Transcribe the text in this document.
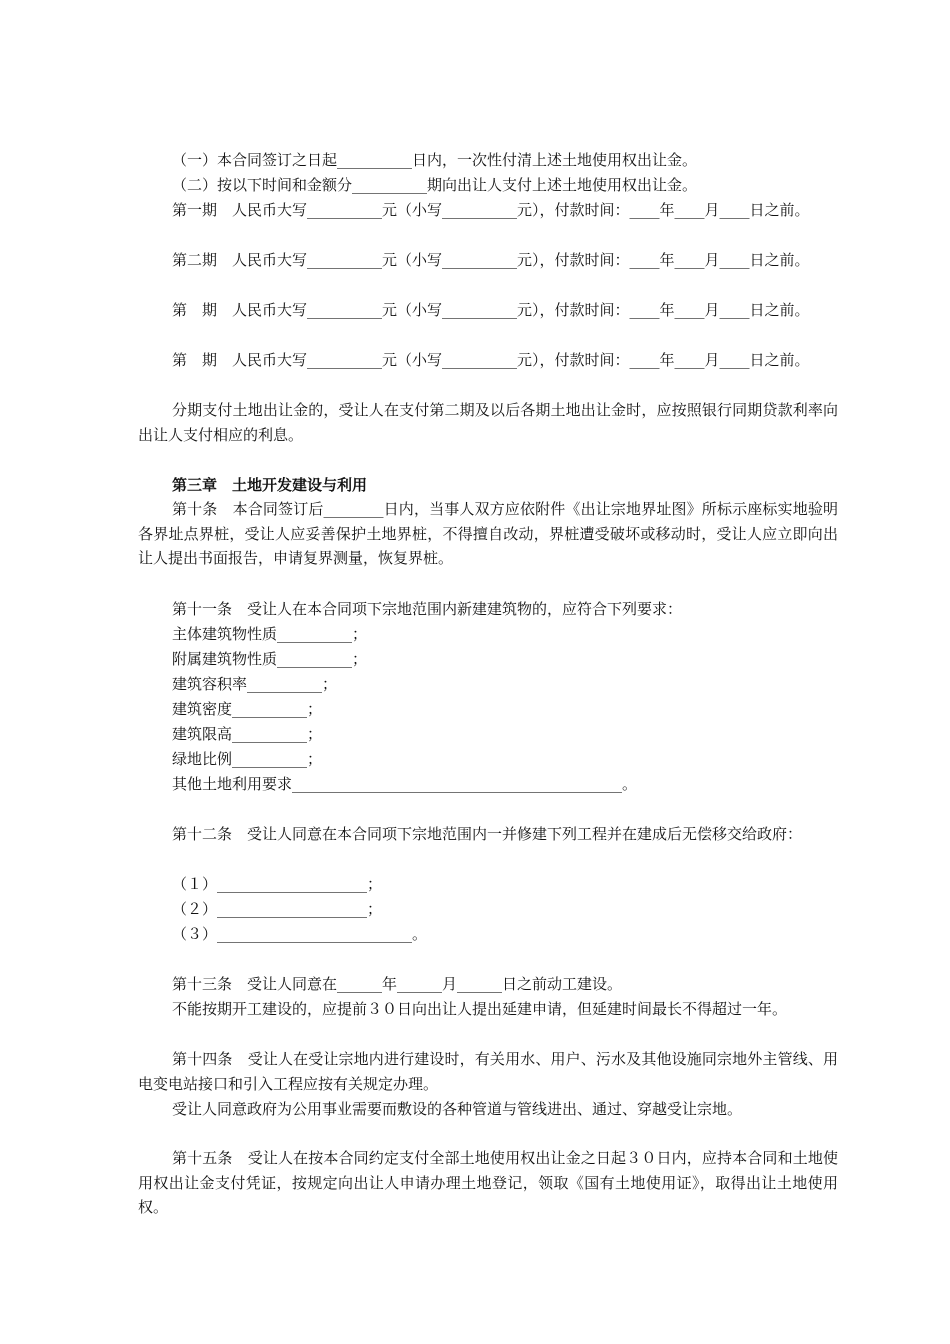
（一）本合同签订之日起__________日内，一次性付清上述土地使用权出让金。

（二）按以下时间和金额分__________期向出让人支付上述土地使用权出让金。

第一期　人民币大写__________元（小写__________元），付款时间：____年____月____日之前。

第二期　人民币大写__________元（小写__________元），付款时间：____年____月____日之前。

第　期　人民币大写__________元（小写__________元），付款时间：____年____月____日之前。

第　期　人民币大写__________元（小写__________元），付款时间：____年____月____日之前。

分期支付土地出让金的，受让人在支付第二期及以后各期土地出让金时，应按照银行同期贷款利率向出让人支付相应的利息。

第三章　土地开发建设与利用

第十条　本合同签订后________日内，当事人双方应依附件《出让宗地界址图》所标示座标实地验明各界址点界桩，受让人应妥善保护土地界桩，不得擅自改动，界桩遭受破坏或移动时，受让人应立即向出让人提出书面报告，申请复界测量，恢复界桩。

第十一条　受让人在本合同项下宗地范围内新建建筑物的，应符合下列要求：

主体建筑物性质__________；

附属建筑物性质__________；

建筑容积率__________；

建筑密度__________；

建筑限高__________；

绿地比例__________；

其他土地利用要求____________________________________________。

第十二条　受让人同意在本合同项下宗地范围内一并修建下列工程并在建成后无偿移交给政府：

（１）____________________；

（２）____________________；

（３）__________________________。

第十三条　受让人同意在______年______月______日之前动工建设。

不能按期开工建设的，应提前３０日向出让人提出延建申请，但延建时间最长不得超过一年。

第十四条　受让人在受让宗地内进行建设时，有关用水、用户、污水及其他设施同宗地外主管线、用电变电站接口和引入工程应按有关规定办理。

受让人同意政府为公用事业需要而敷设的各种管道与管线进出、通过、穿越受让宗地。

第十五条　受让人在按本合同约定支付全部土地使用权出让金之日起３０日内，应持本合同和土地使用权出让金支付凭证，按规定向出让人申请办理土地登记，领取《国有土地使用证》，取得出让土地使用权。
